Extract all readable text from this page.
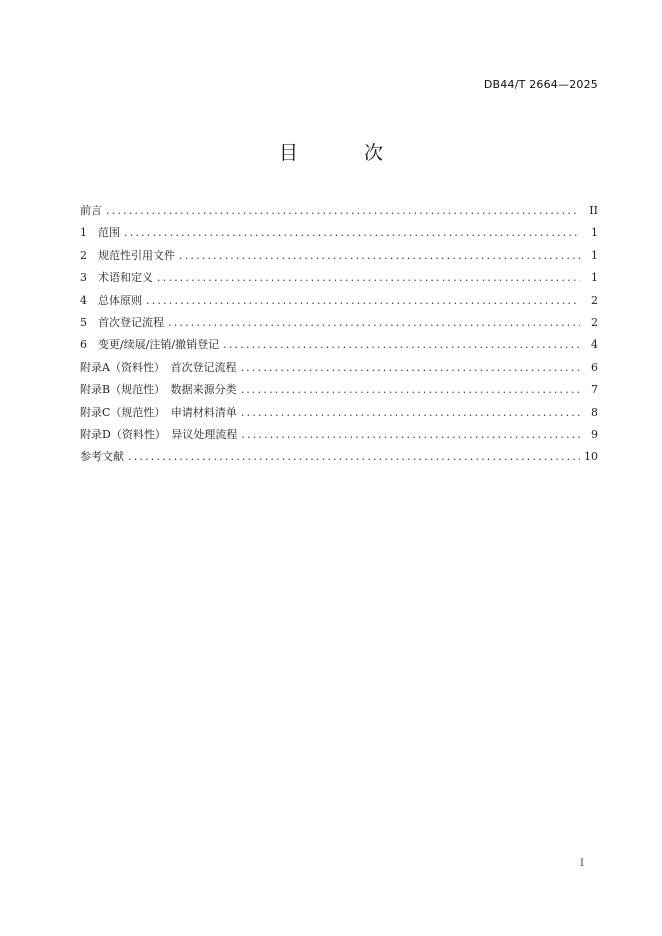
DB44/T 2664—2025
目 次
前言 .....	II
1	范围 .....	1
2	规范性引用文件 .....	1
3	术语和定义 .....	1
4	总体原则 .....	2
5	首次登记流程 .....	2
6	变更/续展/注销/撤销登记 .....	4
附录A（资料性）　首次登记流程 .....	6
附录B（规范性）　数据来源分类 .....	7
附录C（规范性）　申请材料清单 .....	8
附录D（资料性）　异议处理流程 .....	9
参考文献 .....	10
I
